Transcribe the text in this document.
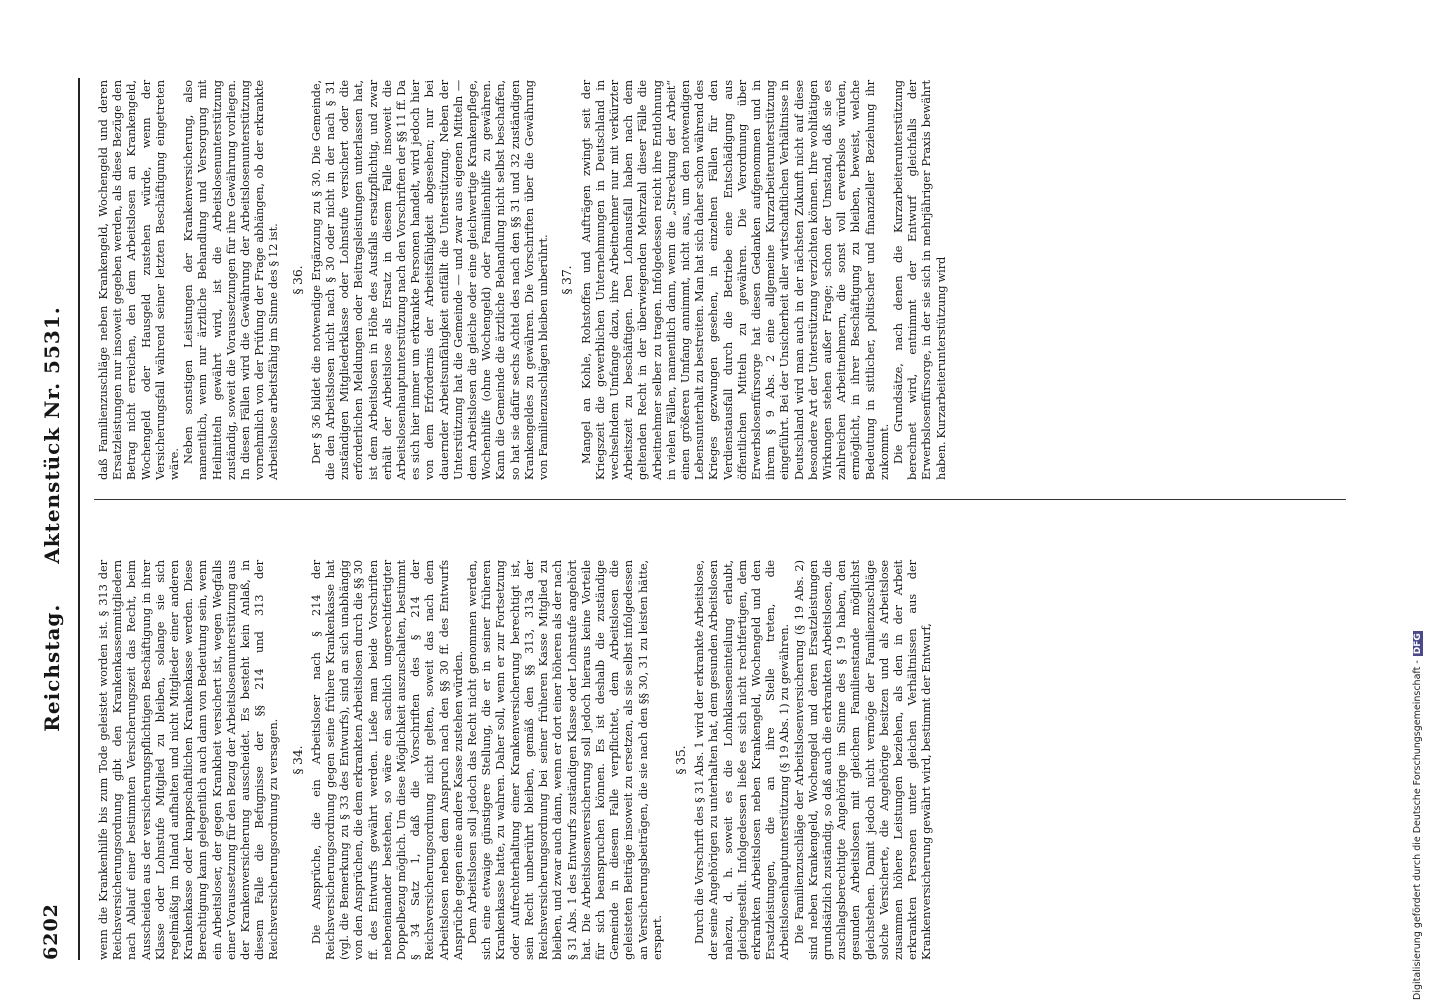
6202
Reichstag.     Aktenstück Nr. 5531.

wenn die Krankenhilfe bis zum Tode geleistet worden ist. § 313 der Reichsversicherungsordnung gibt den Krankenkassenmitgliedern nach Ablauf einer bestimmten Versicherungszeit das Recht, beim Ausscheiden aus der versicherungspflichtigen Beschäftigung in ihrer Klasse oder Lohnstufe Mitglied zu bleiben, solange sie sich regelmäßig im Inland aufhalten und nicht Mitglieder einer anderen Krankenkasse oder knappschaftlichen Krankenkasse werden. Diese Berechtigung kann gelegentlich auch dann von Bedeutung sein, wenn ein Arbeitsloser, der gegen Krankheit versichert ist, wegen Wegfalls einer Voraussetzung für den Bezug der Arbeitslosenunterstützung aus der Krankenversicherung ausscheidet. Es besteht kein Anlaß, in diesem Falle die Befugnisse der §§ 214 und 313 der Reichsversicherungsordnung zu versagen. § 34. Die Ansprüche, die ein Arbeitsloser nach § 214 der Reichsversicherungsordnung gegen seine frühere Krankenkasse hat (vgl. die Bemerkung zu § 33 des Entwurfs), sind an sich unabhängig von den Ansprüchen, die dem erkrankten Arbeitslosen durch die §§ 30 ff. des Entwurfs gewährt werden. Ließe man beide Vorschriften nebeneinander bestehen, so wäre ein sachlich ungerechtfertigter Doppelbezug möglich. Um diese Möglichkeit auszuschalten, bestimmt § 34 Satz 1, daß die Vorschriften des § 214 der Reichsversicherungsordnung nicht gelten, soweit das nach dem Arbeitslosen neben dem Anspruch nach den §§ 30 ff. des Entwurfs Ansprüche gegen eine andere Kasse zustehen würden. Dem Arbeitslosen soll jedoch das Recht nicht genommen werden, sich eine etwaige günstigere Stellung, die er in seiner früheren Krankenkasse hatte, zu wahren. Daher soll, wenn er zur Fortsetzung oder Aufrechterhaltung einer Krankenversicherung berechtigt ist, sein Recht unberührt bleiben, gemäß den §§ 313, 313a der Reichsversicherungsordnung bei seiner früheren Kasse Mitglied zu bleiben, und zwar auch dann, wenn er dort einer höheren als der nach § 31 Abs. 1 des Entwurfs zuständigen Klasse oder Lohnstufe angehört hat. Die Arbeitslosenversicherung soll jedoch hieraus keine Vorteile für sich beanspruchen können. Es ist deshalb die zuständige Gemeinde in diesem Falle verpflichtet, dem Arbeitslosen die geleisteten Beiträge insoweit zu ersetzen, als sie selbst infolgedessen an Versicherungsbeiträgen, die sie nach den §§ 30, 31 zu leisten hätte, erspart.

§ 35. Durch die Vorschrift des § 31 Abs. 1 wird der erkrankte Arbeitslose, der seine Angehörigen zu unterhalten hat, dem gesunden Arbeitslosen nahezu, d. h. soweit es die Lohnklasseneinteilung erlaubt, gleichgestellt. Infolgedessen ließe es sich nicht rechtfertigen, dem erkrankten Arbeitslosen neben Krankengeld, Wochengeld und den Ersatzleistungen, die an ihre Stelle treten, die Arbeitslosenhauptunterstützung (§ 19 Abs. 1) zu gewähren. Die Familienzuschläge der Arbeitslosenversicherung (§ 19 Abs. 2) sind neben Krankengeld, Wochengeld und deren Ersatzleistungen grundsätzlich zuständig, so daß auch die erkrankten Arbeitslosen, die zuschlagsberechtigte Angehörige im Sinne des § 19 haben, den gesunden Arbeitslosen mit gleichem Familienstande möglichst gleichstehen. Damit jedoch nicht vermöge der Familienzuschläge solche Versicherte, die Angehörige besitzen und als Arbeitslose zusammen höhere Leistungen beziehen, als den in der Arbeit erkrankten Personen unter gleichen Verhältnissen aus der Krankenversicherung gewährt wird, bestimmt der Entwurf,

daß Familienzuschläge neben Krankengeld, Wochengeld und deren Ersatzleistungen nur insoweit gegeben werden, als diese Bezüge den Betrag nicht erreichen, den dem Arbeitslosen an Krankengeld, Wochengeld oder Hausgeld zustehen würde, wenn der Versicherungsfall während seiner letzten Beschäftigung eingetreten wäre.

Neben sonstigen Leistungen der Krankenversicherung, also namentlich, wenn nur ärztliche Behandlung und Versorgung mit Heilmitteln gewährt wird, ist die Arbeitslosenunterstützung zuständig, soweit die Voraussetzungen für ihre Gewährung vorliegen. In diesen Fällen wird die Gewährung der Arbeitslosenunterstützung vornehmlich von der Prüfung der Frage abhängen, ob der erkrankte Arbeitslose arbeitsfähig im Sinne des § 12 ist. § 36. Der § 36 bildet die notwendige Ergänzung zu § 30. Die Gemeinde, die den Arbeitslosen nicht nach § 30 oder nicht in der nach § 31 zuständigen Mitgliederklasse oder Lohnstufe versichert oder die erforderlichen Meldungen oder Beitragsleistungen unterlassen hat, ist dem Arbeitslosen in Höhe des Ausfalls ersatzpflichtig, und zwar erhält der Arbeitslose als Ersatz in diesem Falle insoweit die Arbeitslosenhauptunterstützung nach den Vorschriften der §§ 11 ff. Da es sich hier immer um erkrankte Personen handelt, wird jedoch hier von dem Erfordernis der Arbeitsfähigkeit abgesehen; nur bei dauernder Arbeitsunfähigkeit entfällt die Unterstützung. Neben der Unterstützung hat die Gemeinde — und zwar aus eigenen Mitteln — dem Arbeitslosen die gleiche oder eine gleichwertige Krankenpflege, Wochenhilfe (ohne Wochengeld) oder Familienhilfe zu gewähren. Kann die Gemeinde die ärztliche Behandlung nicht selbst beschaffen, so hat sie dafür sechs Achtel des nach den §§ 31 und 32 zuständigen Krankengeldes zu gewähren. Die Vorschriften über die Gewährung von Familienzuschlägen bleiben unberührt. § 37. Mangel an Kohle, Rohstoffen und Aufträgen zwingt seit der Kriegszeit die gewerblichen Unternehmungen in Deutschland in wechselndem Umfange dazu, ihre Arbeitnehmer nur mit verkürzter Arbeitszeit zu beschäftigen. Den Lohnausfall haben nach dem geltenden Recht in der überwiegenden Mehrzahl dieser Fälle die Arbeitnehmer selber zu tragen. Infolgedessen reicht ihre Entlohnung in vielen Fällen, namentlich dann, wenn die „Streckung der Arbeit“ einen größeren Umfang annimmt, nicht aus, um den notwendigen Lebensunterhalt zu bestreiten. Man hat sich daher schon während des Krieges gezwungen gesehen, in einzelnen Fällen für den Verdienstausfall durch die Betriebe eine Entschädigung aus öffentlichen Mitteln zu gewähren. Die Verordnung über Erwerbslosenfürsorge hat diesen Gedanken aufgenommen und in ihrem § 9 Abs. 2 eine allgemeine Kurzarbeiterunterstützung eingeführt. Bei der Unsicherheit aller wirtschaftlichen Verhältnisse in Deutschland wird man auch in der nächsten Zukunft nicht auf diese besondere Art der Unterstützung verzichten können. Ihre wohltätigen Wirkungen stehen außer Frage; schon der Umstand, daß sie es zahlreichen Arbeitnehmern, die sonst voll erwerbslos würden, ermöglicht, in ihrer Beschäftigung zu bleiben, beweist, welche Bedeutung in sittlicher, politischer und finanzieller Beziehung ihr zukommt. Die Grundsätze, nach denen die Kurzarbeiterunterstützung berechnet wird, entnimmt der Entwurf gleichfalls der Erwerbslosenfürsorge, in der sie sich in mehrjähriger Praxis bewährt haben. Kurzarbeiterunterstützung wird

Digitalisierung gefördert durch die Deutsche Forschungsgemeinschaft -DFG
